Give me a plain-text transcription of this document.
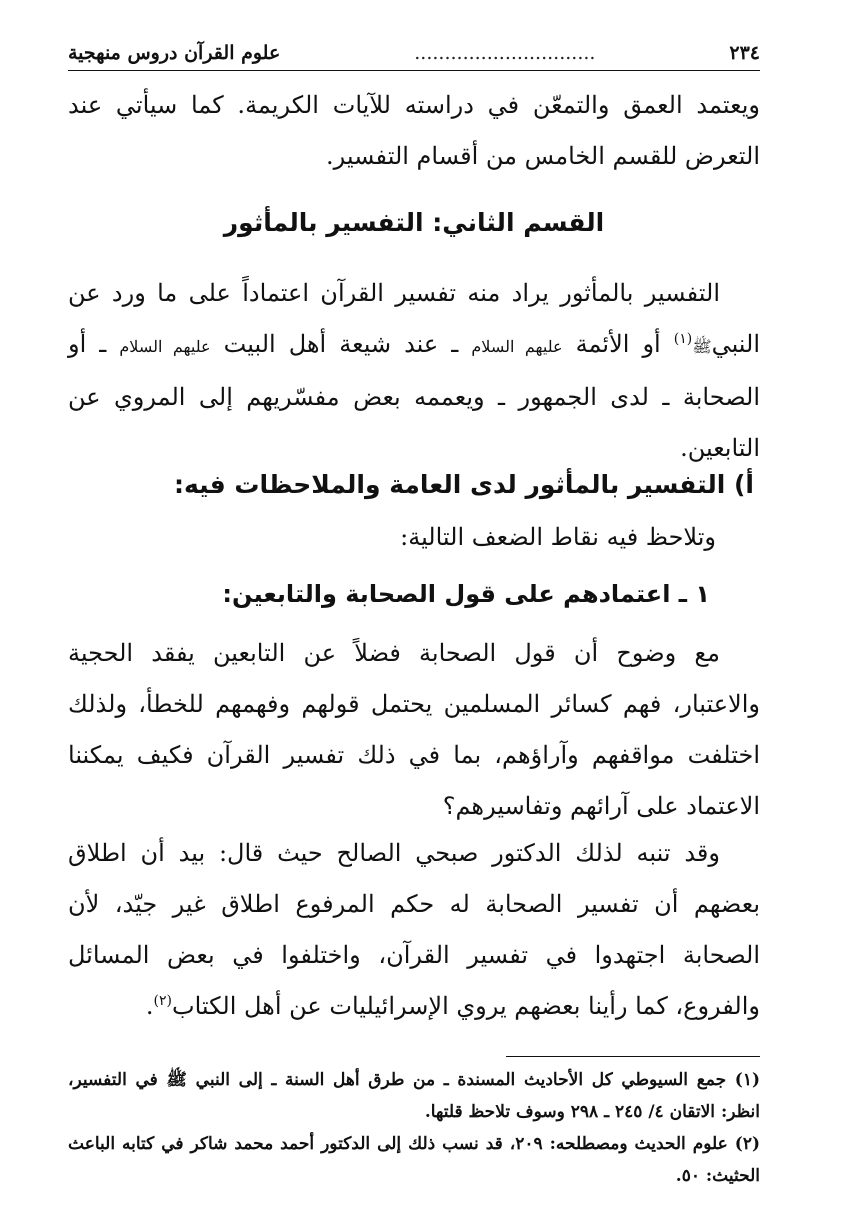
٢٣٤
..............................
علوم القرآن دروس منهجية

ويعتمد العمق والتمعّن في دراسته للآيات الكريمة. كما سيأتي عند التعرض للقسم الخامس من أقسام التفسير.

القسم الثاني: التفسير بالمأثور

التفسير بالمأثور يراد منه تفسير القرآن اعتماداً على ما ورد عن النبيﷺ$^{(١)}$ أو الأئمة عليهم السلام ـ عند شيعة أهل البيت عليهم السلام ـ أو الصحابة ـ لدى الجمهور ـ ويعممه بعض مفسّريهم إلى المروي عن التابعين.

أ) التفسير بالمأثور لدى العامة والملاحظات فيه:
وتلاحظ فيه نقاط الضعف التالية:
١ ـ اعتمادهم على قول الصحابة والتابعين:

مع وضوح أن قول الصحابة فضلاً عن التابعين يفقد الحجية والاعتبار، فهم كسائر المسلمين يحتمل قولهم وفهمهم للخطأ، ولذلك اختلفت مواقفهم وآراؤهم، بما في ذلك تفسير القرآن فكيف يمكننا الاعتماد على آرائهم وتفاسيرهم؟

وقد تنبه لذلك الدكتور صبحي الصالح حيث قال: بيد أن اطلاق بعضهم أن تفسير الصحابة له حكم المرفوع اطلاق غير جيّد، لأن الصحابة اجتهدوا في تفسير القرآن، واختلفوا في بعض المسائل والفروع، كما رأينا بعضهم يروي الإسرائيليات عن أهل الكتاب$^{(٢)}$.

(١) جمع السيوطي كل الأحاديث المسندة ـ من طرق أهل السنة ـ إلى النبي ﷺ في التفسير، انظر: الاتقان ٤/ ٢٤٥ ـ ٢٩٨ وسوف تلاحظ قلتها.

(٢) علوم الحديث ومصطلحه: ٢٠٩، قد نسب ذلك إلى الدكتور أحمد محمد شاكر في كتابه الباعث الحثيث: ٥٠.
